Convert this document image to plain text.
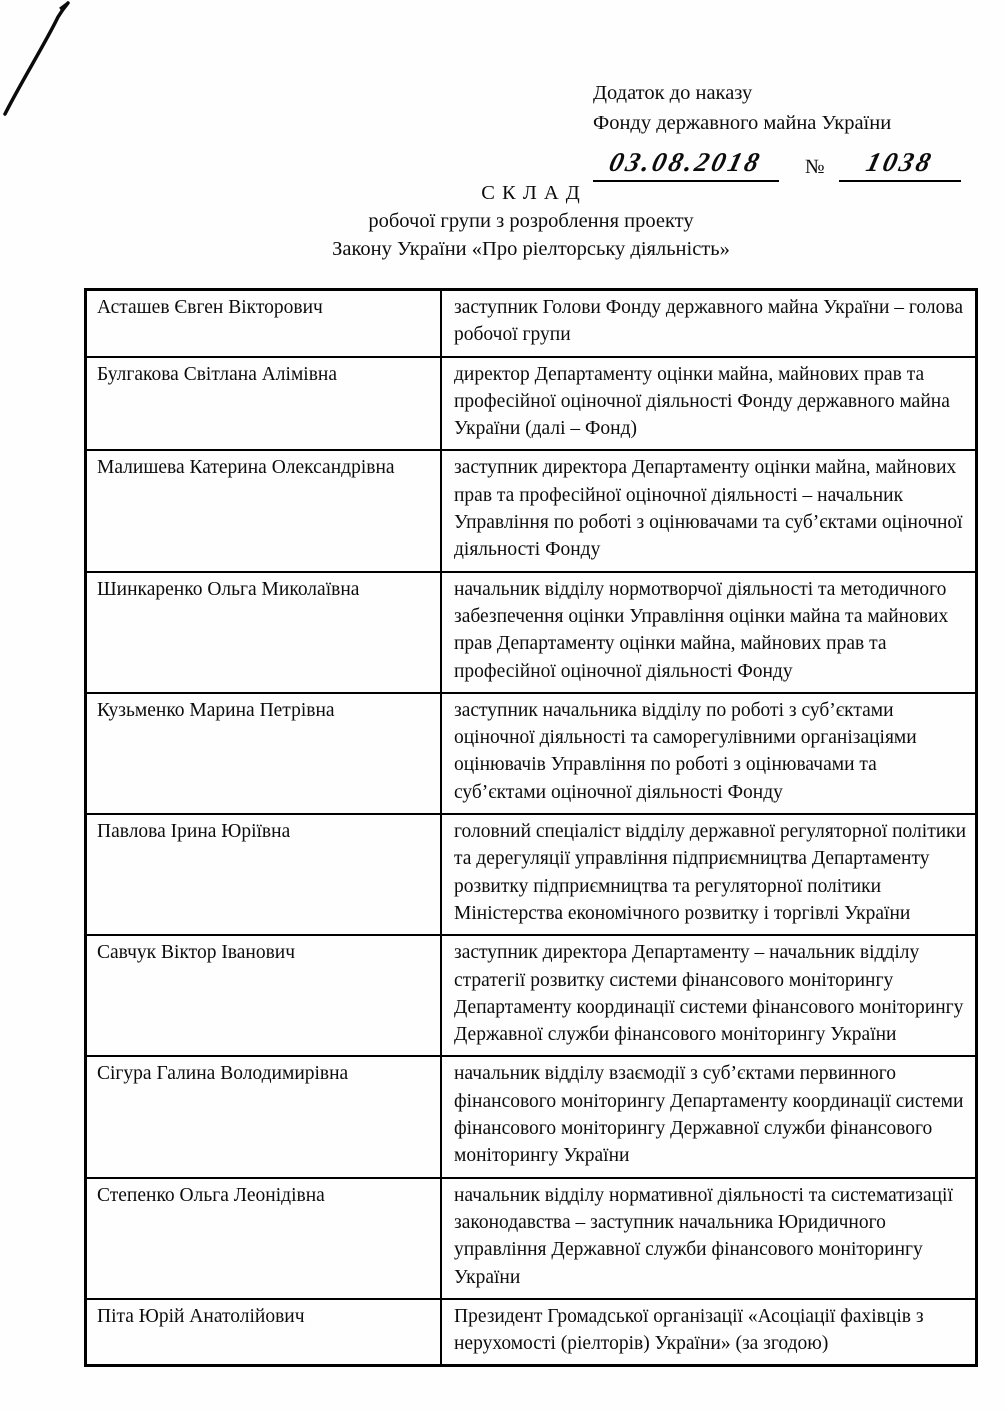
Додаток до наказу
Фонду державного майна України
03.08.2018	№	1038
С К Л А Д
робочої групи з розроблення проекту
Закону України «Про ріелторську діяльність»
Асташев Євген Вікторович	заступник Голови Фонду державного майна України – голова робочої групи
Булгакова Світлана Алімівна	директор Департаменту оцінки майна, майнових прав та професійної оціночної діяльності Фонду державного майна України (далі – Фонд)
Малишева Катерина Олександрівна	заступник директора Департаменту оцінки майна, майнових прав та професійної оціночної діяльності – начальник Управління по роботі з оцінювачами та суб’єктами оціночної діяльності Фонду
Шинкаренко Ольга Миколаївна	начальник відділу нормотворчої діяльності та методичного забезпечення оцінки Управління оцінки майна та майнових прав Департаменту оцінки майна, майнових прав та професійної оціночної діяльності Фонду
Кузьменко Марина Петрівна	заступник начальника відділу по роботі з суб’єктами оціночної діяльності та саморегулівними організаціями оцінювачів Управління по роботі з оцінювачами та суб’єктами оціночної діяльності Фонду
Павлова Ірина Юріївна	головний спеціаліст відділу державної регуляторної політики та дерегуляції управління підприємництва Департаменту розвитку підприємництва та регуляторної політики Міністерства економічного розвитку і торгівлі України
Савчук Віктор Іванович	заступник директора Департаменту – начальник відділу стратегії розвитку системи фінансового моніторингу Департаменту координації системи фінансового моніторингу Державної служби фінансового моніторингу України
Сігура Галина Володимирівна	начальник відділу взаємодії з суб’єктами первинного фінансового моніторингу Департаменту координації системи фінансового моніторингу Державної служби фінансового моніторингу України
Степенко Ольга Леонідівна	начальник відділу нормативної діяльності та систематизації законодавства – заступник начальника Юридичного управління Державної служби фінансового моніторингу України
Піта Юрій Анатолійович	Президент Громадської організації «Асоціації фахівців з нерухомості (ріелторів) України» (за згодою)
